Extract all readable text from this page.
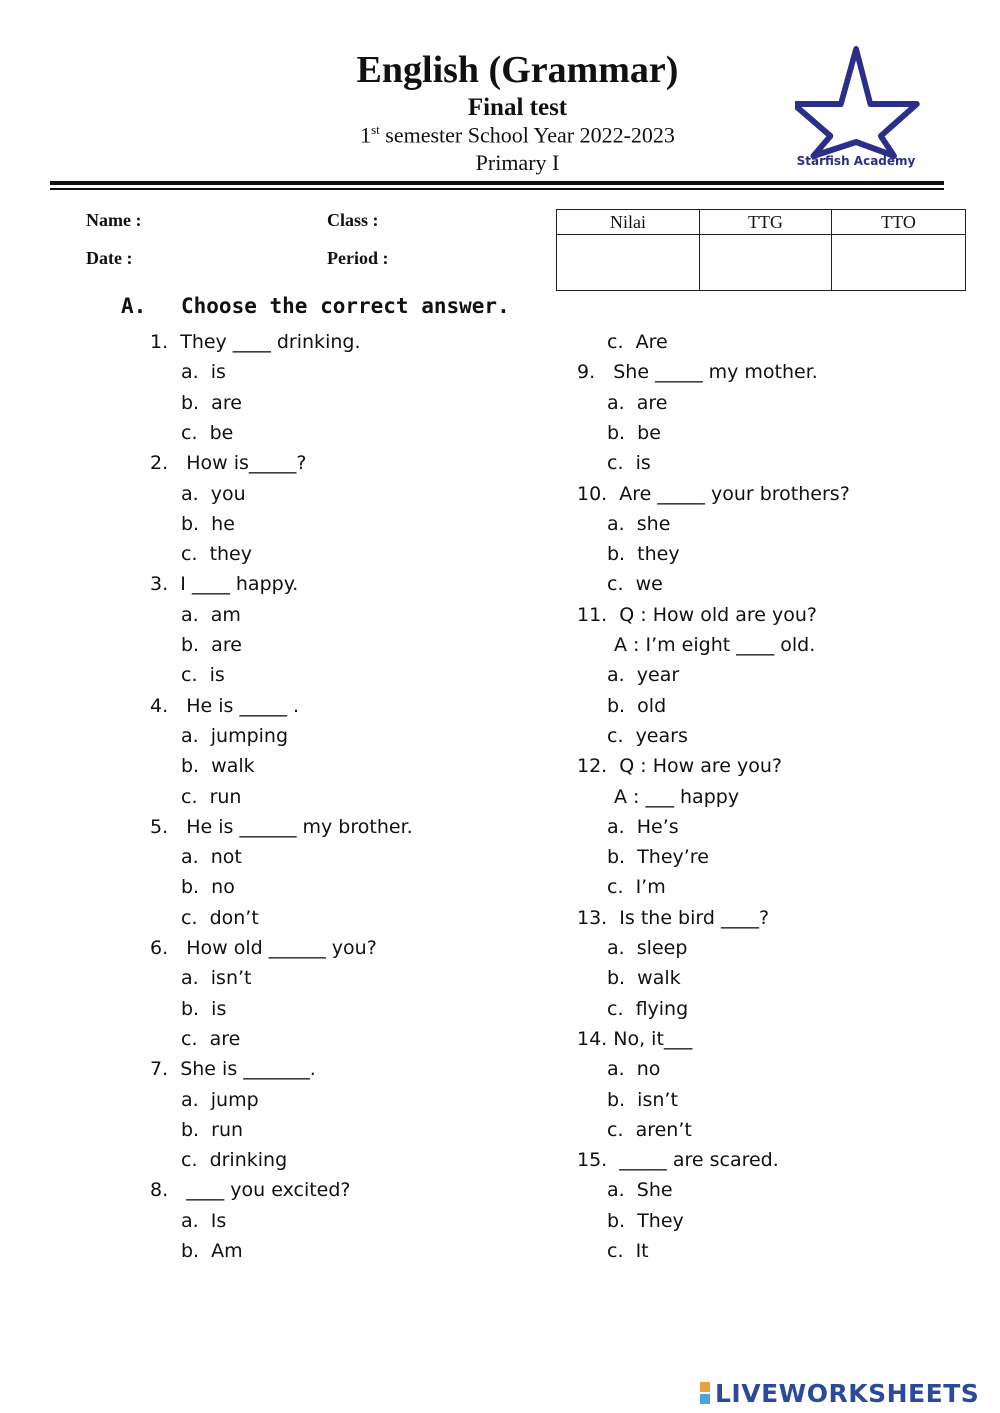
English (Grammar)
Final test
1st semester School Year 2022-2023
Primary I	Starfish Academy
Name :	Class :
Date :	Period :
Nilai	TTG	TTO

A. Choose the correct answer.
1.  They ____ drinking.
a.  is
b.  are
c.  be
2.   How is_____?
a.  you
b.  he
c.  they
3.  I ____ happy.
a.  am
b.  are
c.  is
4.   He is _____ .
a.  jumping
b.  walk
c.  run
5.   He is ______ my brother.
a.  not
b.  no
c.  don’t
6.   How old ______ you?
a.  isn’t
b.  is
c.  are
7.  She is _______.
a.  jump
b.  run
c.  drinking
8.   ____ you excited?
a.  Is
b.  Am
c.  Are
9.   She _____ my mother.
a.  are
b.  be
c.  is
10.  Are _____ your brothers?
a.  she
b.  they
c.  we
11.  Q : How old are you?
A : I’m eight ____ old.
a.  year
b.  old
c.  years
12.  Q : How are you?
A : ___ happy
a.  He’s
b.  They’re
c.  I’m
13.  Is the bird ____?
a.  sleep
b.  walk
c.  flying
14. No, it___
a.  no
b.  isn’t
c.  aren’t
15.  _____ are scared.
a.  She
b.  They
c.  It
LIVEWORKSHEETS
